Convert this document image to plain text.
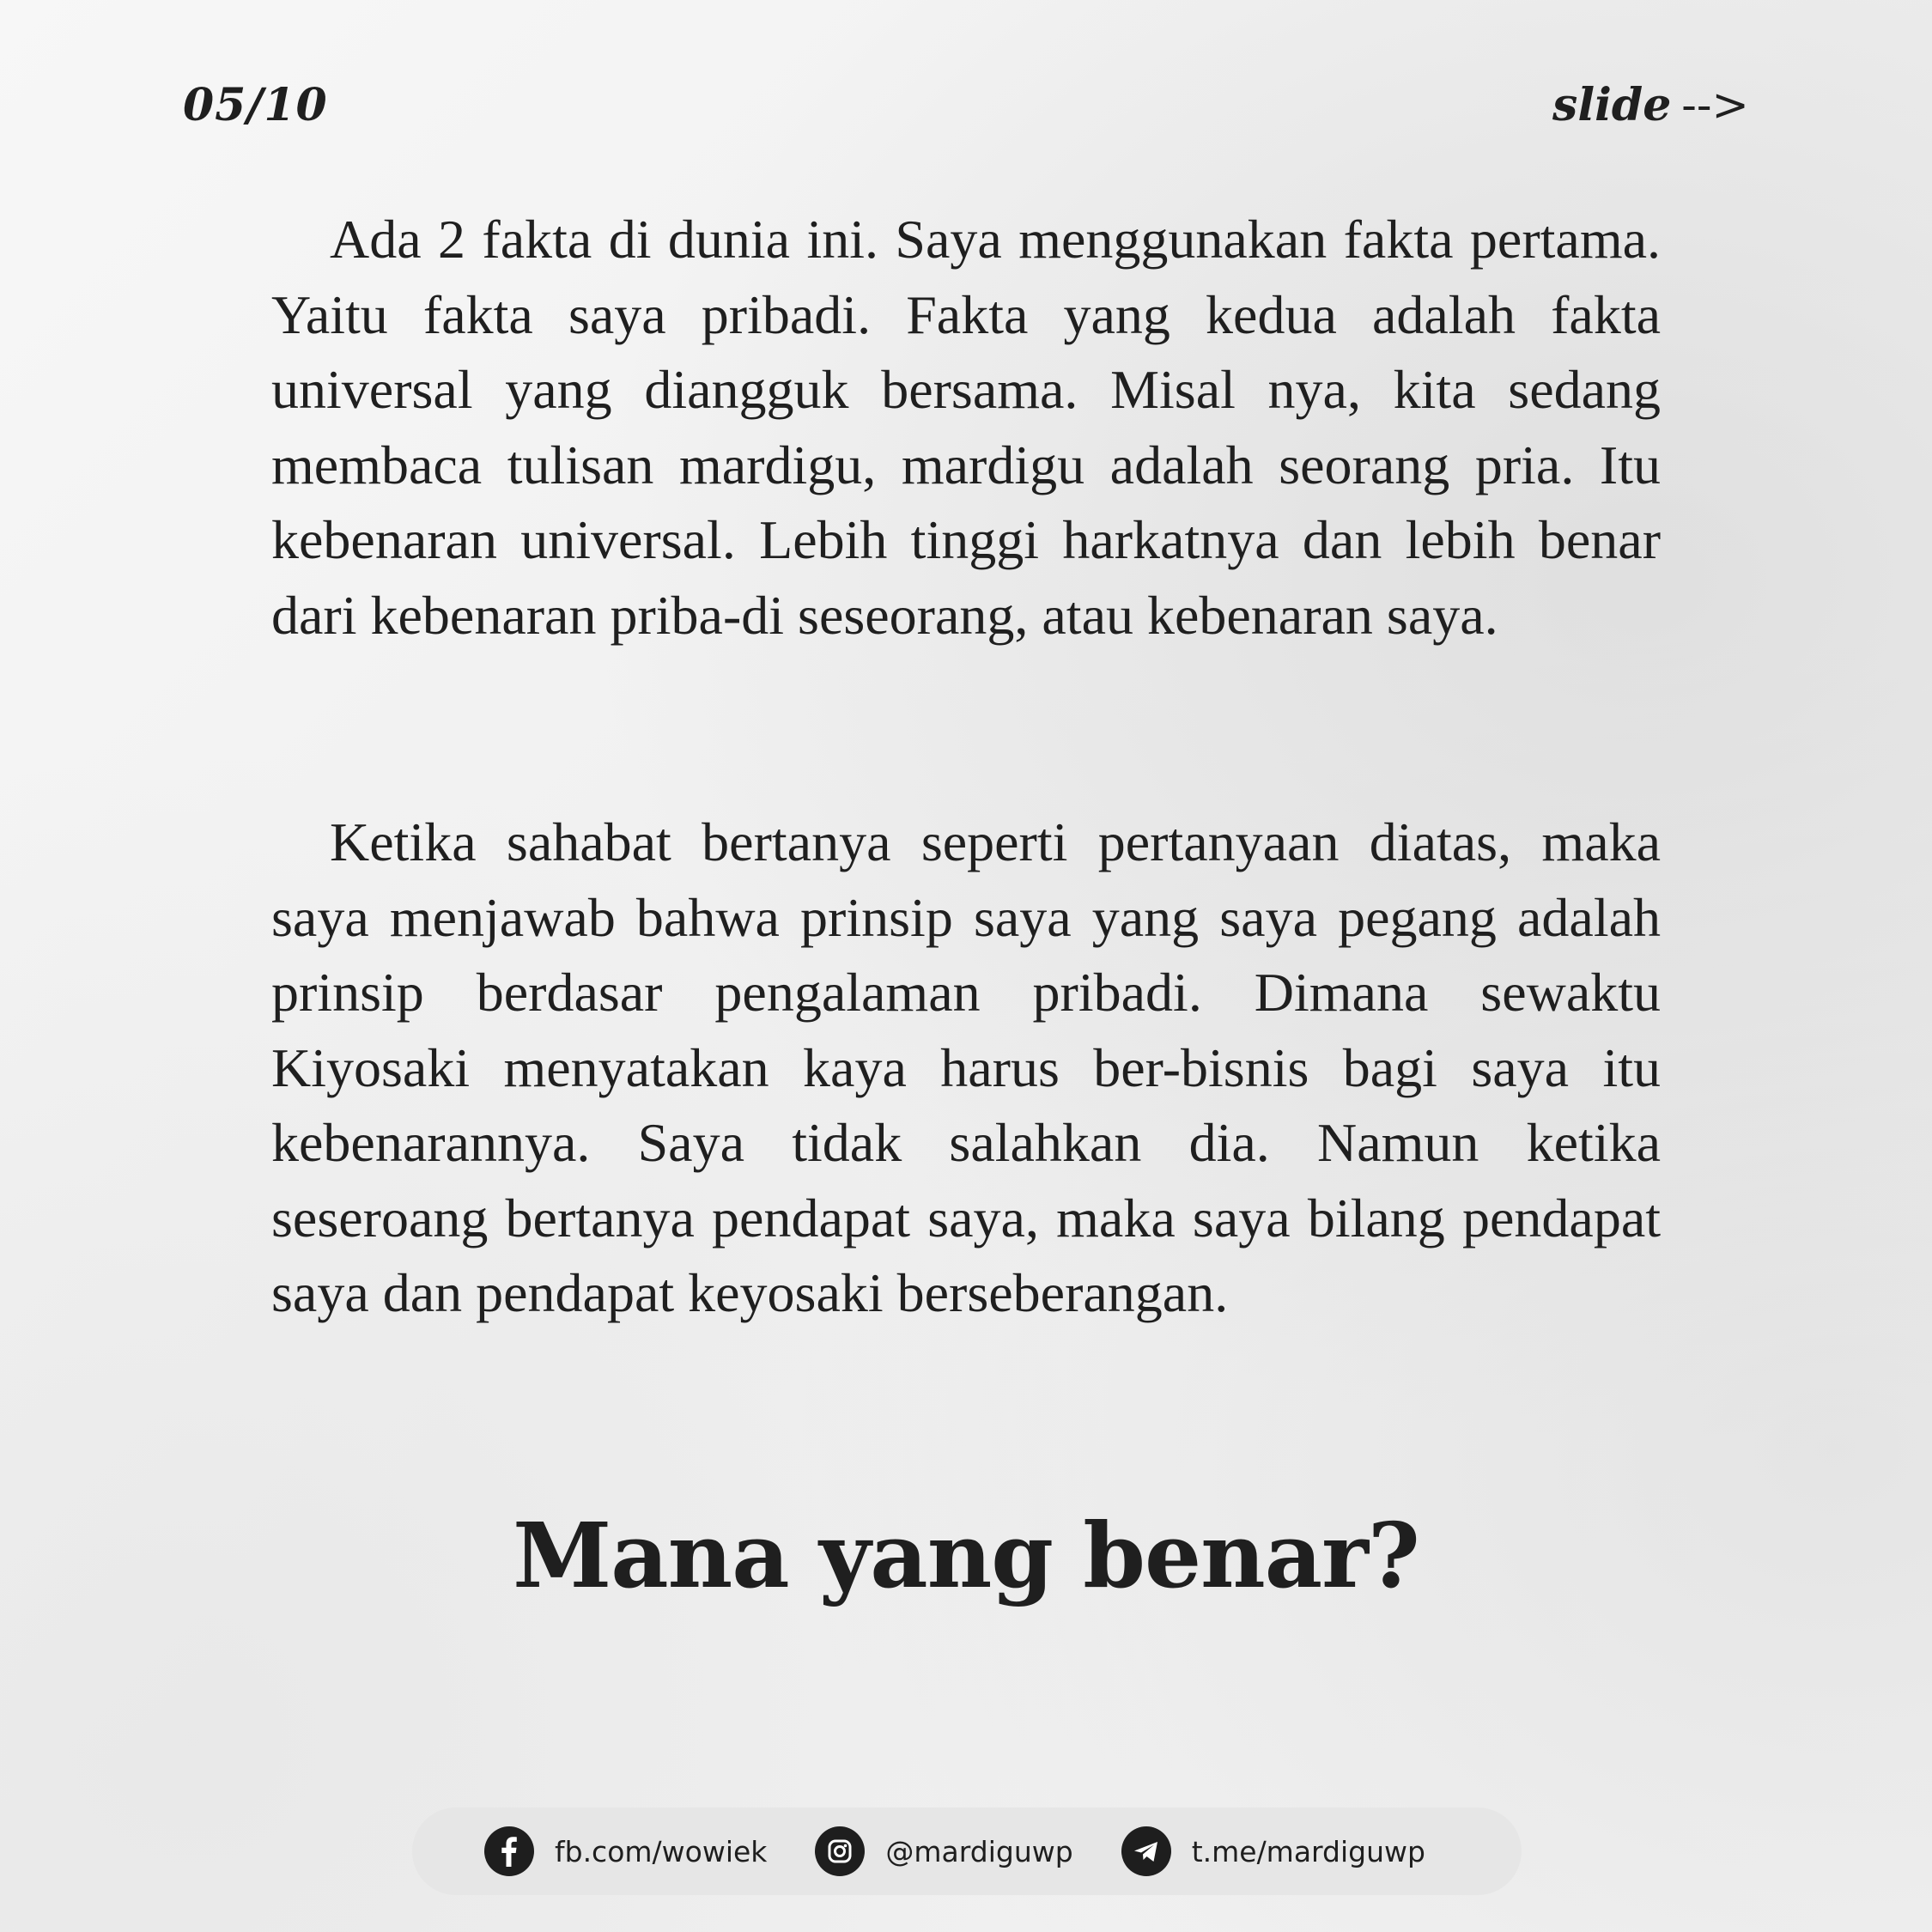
05/10	slide -->

Ada 2 fakta di dunia ini. Saya menggunakan fakta pertama. Yaitu fakta saya pribadi. Fakta yang kedua adalah fakta universal yang diangguk bersama. Misal nya, kita sedang membaca tulisan mardigu, mardigu adalah seorang pria. Itu kebenaran universal. Lebih tinggi harkatnya dan lebih benar dari kebenaran priba-di seseorang, atau kebenaran saya.

Ketika sahabat bertanya seperti pertanyaan diatas, maka saya menjawab bahwa prinsip saya yang saya pegang adalah prinsip berdasar pengalaman pribadi. Dimana sewaktu Kiyosaki menyatakan kaya harus ber-bisnis bagi saya itu kebenarannya. Saya tidak salahkan dia. Namun ketika seseroang bertanya pendapat saya, maka saya bilang pendapat saya dan pendapat keyosaki berseberangan.

Mana yang benar?
fb.com/wowiek	@mardiguwp	t.me/mardiguwp
